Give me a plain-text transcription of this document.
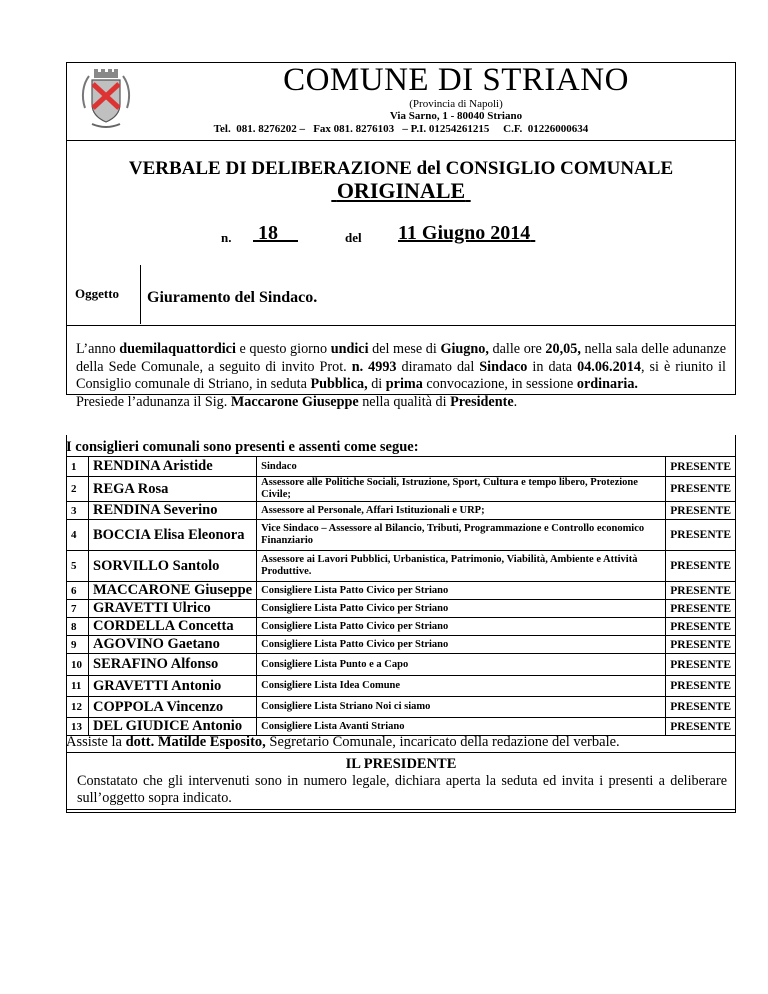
COMUNE DI STRIANO
(Provincia di Napoli)
Via Sarno, 1 - 80040 Striano
Tel.  081. 8276202 –   Fax 081. 8276103   – P.I. 01254261215     C.F.  01226000634
VERBALE DI DELIBERAZIONE del CONSIGLIO COMUNALE
ORIGINALE
n. 18	del 11 Giugno 2014
Oggetto Giuramento del Sindaco.
L’anno duemilaquattordici e questo giorno undici del mese di Giugno, dalle ore 20,05, nella sala delle adunanze della Sede Comunale, a seguito di invito Prot. n. 4993 diramato dal Sindaco in data 04.06.2014, si è riunito il Consiglio comunale di Striano, in seduta Pubblica, di prima convocazione, in sessione ordinaria.
Presiede l’adunanza il Sig. Maccarone Giuseppe nella qualità di Presidente.
I consiglieri comunali sono presenti e assenti come segue:
1	RENDINA Aristide	Sindaco	PRESENTE
2	REGA Rosa	Assessore alle Politiche Sociali, Istruzione, Sport, Cultura e tempo libero, Protezione Civile;	PRESENTE
3	RENDINA Severino	Assessore al Personale, Affari Istituzionali e URP;	PRESENTE
4	BOCCIA Elisa Eleonora	Vice Sindaco – Assessore al Bilancio, Tributi, Programmazione e Controllo economico Finanziario	PRESENTE
5	SORVILLO Santolo	Assessore ai Lavori Pubblici, Urbanistica, Patrimonio, Viabilità, Ambiente e Attività Produttive.	PRESENTE
6	MACCARONE Giuseppe	Consigliere Lista Patto Civico per Striano	PRESENTE
7	GRAVETTI Ulrico	Consigliere Lista Patto Civico per Striano	PRESENTE
8	CORDELLA Concetta	Consigliere Lista Patto Civico per Striano	PRESENTE
9	AGOVINO Gaetano	Consigliere Lista Patto Civico per Striano	PRESENTE
10	SERAFINO Alfonso	Consigliere Lista Punto e a Capo	PRESENTE
11	GRAVETTI Antonio	Consigliere Lista Idea Comune	PRESENTE
12	COPPOLA Vincenzo	Consigliere Lista Striano Noi ci siamo	PRESENTE
13	DEL GIUDICE Antonio	Consigliere Lista Avanti Striano	PRESENTE
Assiste la dott. Matilde Esposito, Segretario Comunale, incaricato della redazione del verbale.
IL PRESIDENTE
Constatato che gli intervenuti sono in numero legale, dichiara aperta la seduta ed invita i presenti a deliberare sull’oggetto sopra indicato.
